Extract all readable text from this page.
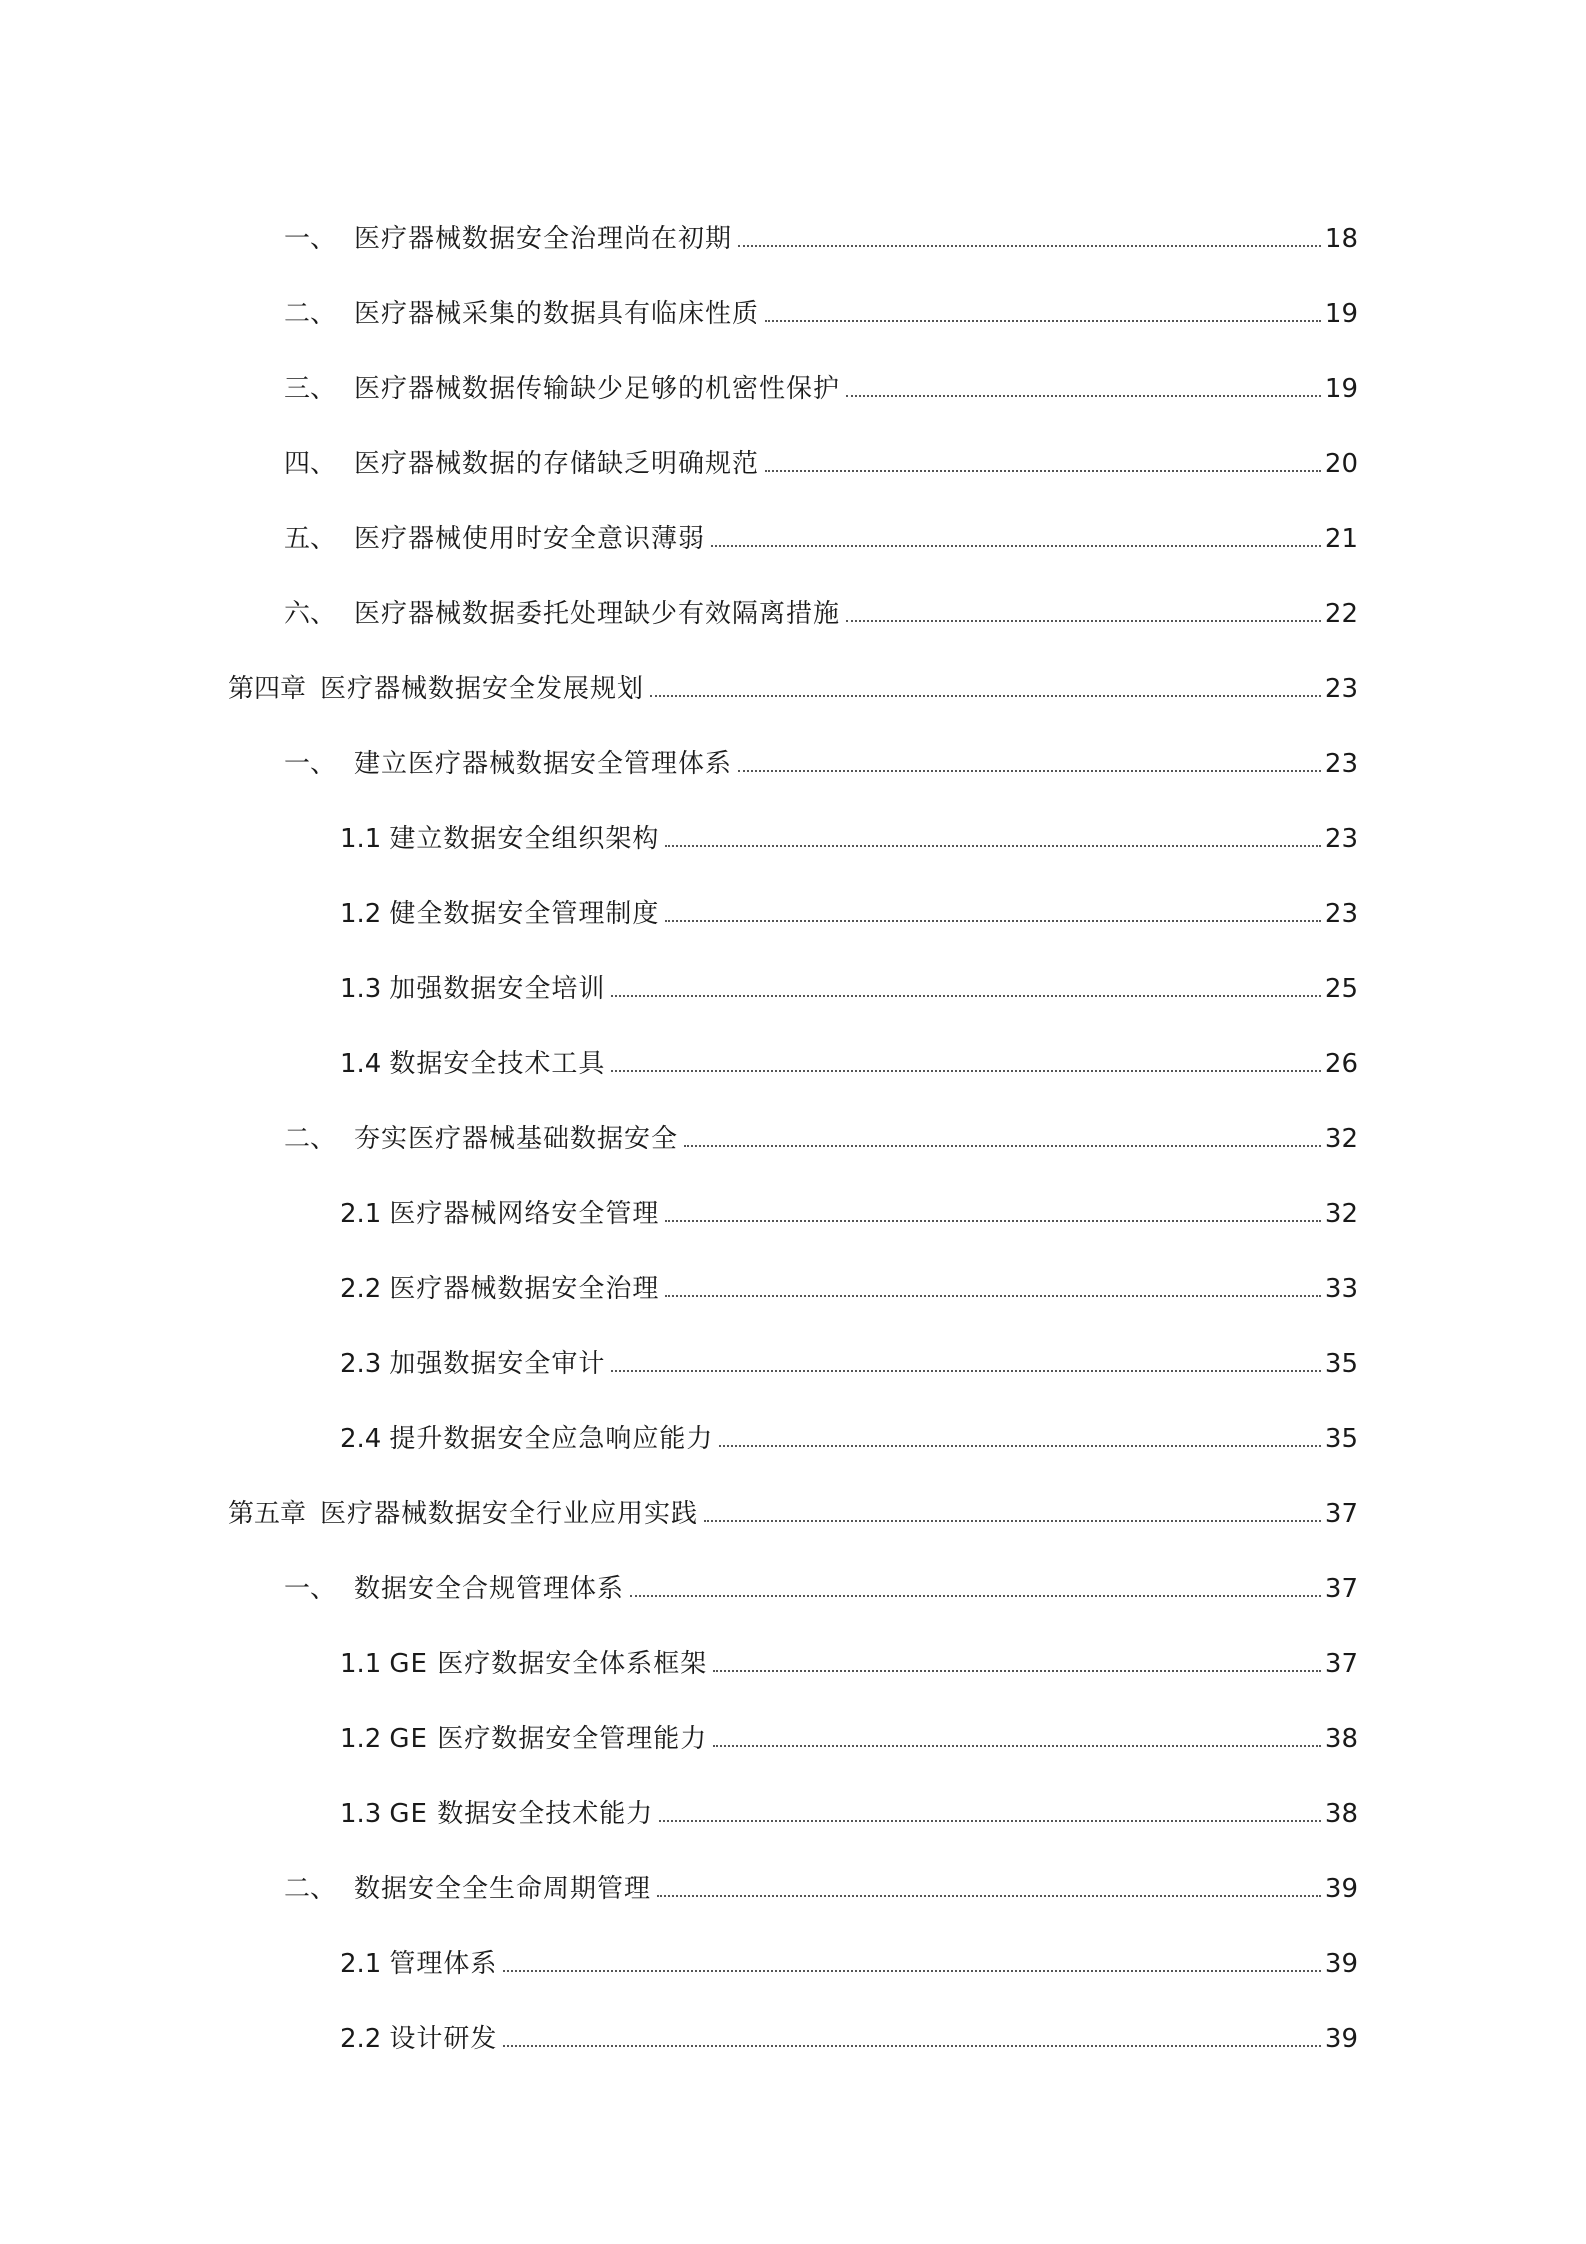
一、 医疗器械数据安全治理尚在初期	18
二、 医疗器械采集的数据具有临床性质	19
三、 医疗器械数据传输缺少足够的机密性保护	19
四、 医疗器械数据的存储缺乏明确规范	20
五、 医疗器械使用时安全意识薄弱	21
六、 医疗器械数据委托处理缺少有效隔离措施	22
第四章 医疗器械数据安全发展规划	23
一、 建立医疗器械数据安全管理体系	23
1.1 建立数据安全组织架构	23
1.2 健全数据安全管理制度	23
1.3 加强数据安全培训	25
1.4 数据安全技术工具	26
二、 夯实医疗器械基础数据安全	32
2.1 医疗器械网络安全管理	32
2.2 医疗器械数据安全治理	33
2.3 加强数据安全审计	35
2.4 提升数据安全应急响应能力	35
第五章 医疗器械数据安全行业应用实践	37
一、 数据安全合规管理体系	37
1.1 GE 医疗数据安全体系框架	37
1.2 GE 医疗数据安全管理能力	38
1.3 GE 数据安全技术能力	38
二、 数据安全全生命周期管理	39
2.1 管理体系	39
2.2 设计研发	39
